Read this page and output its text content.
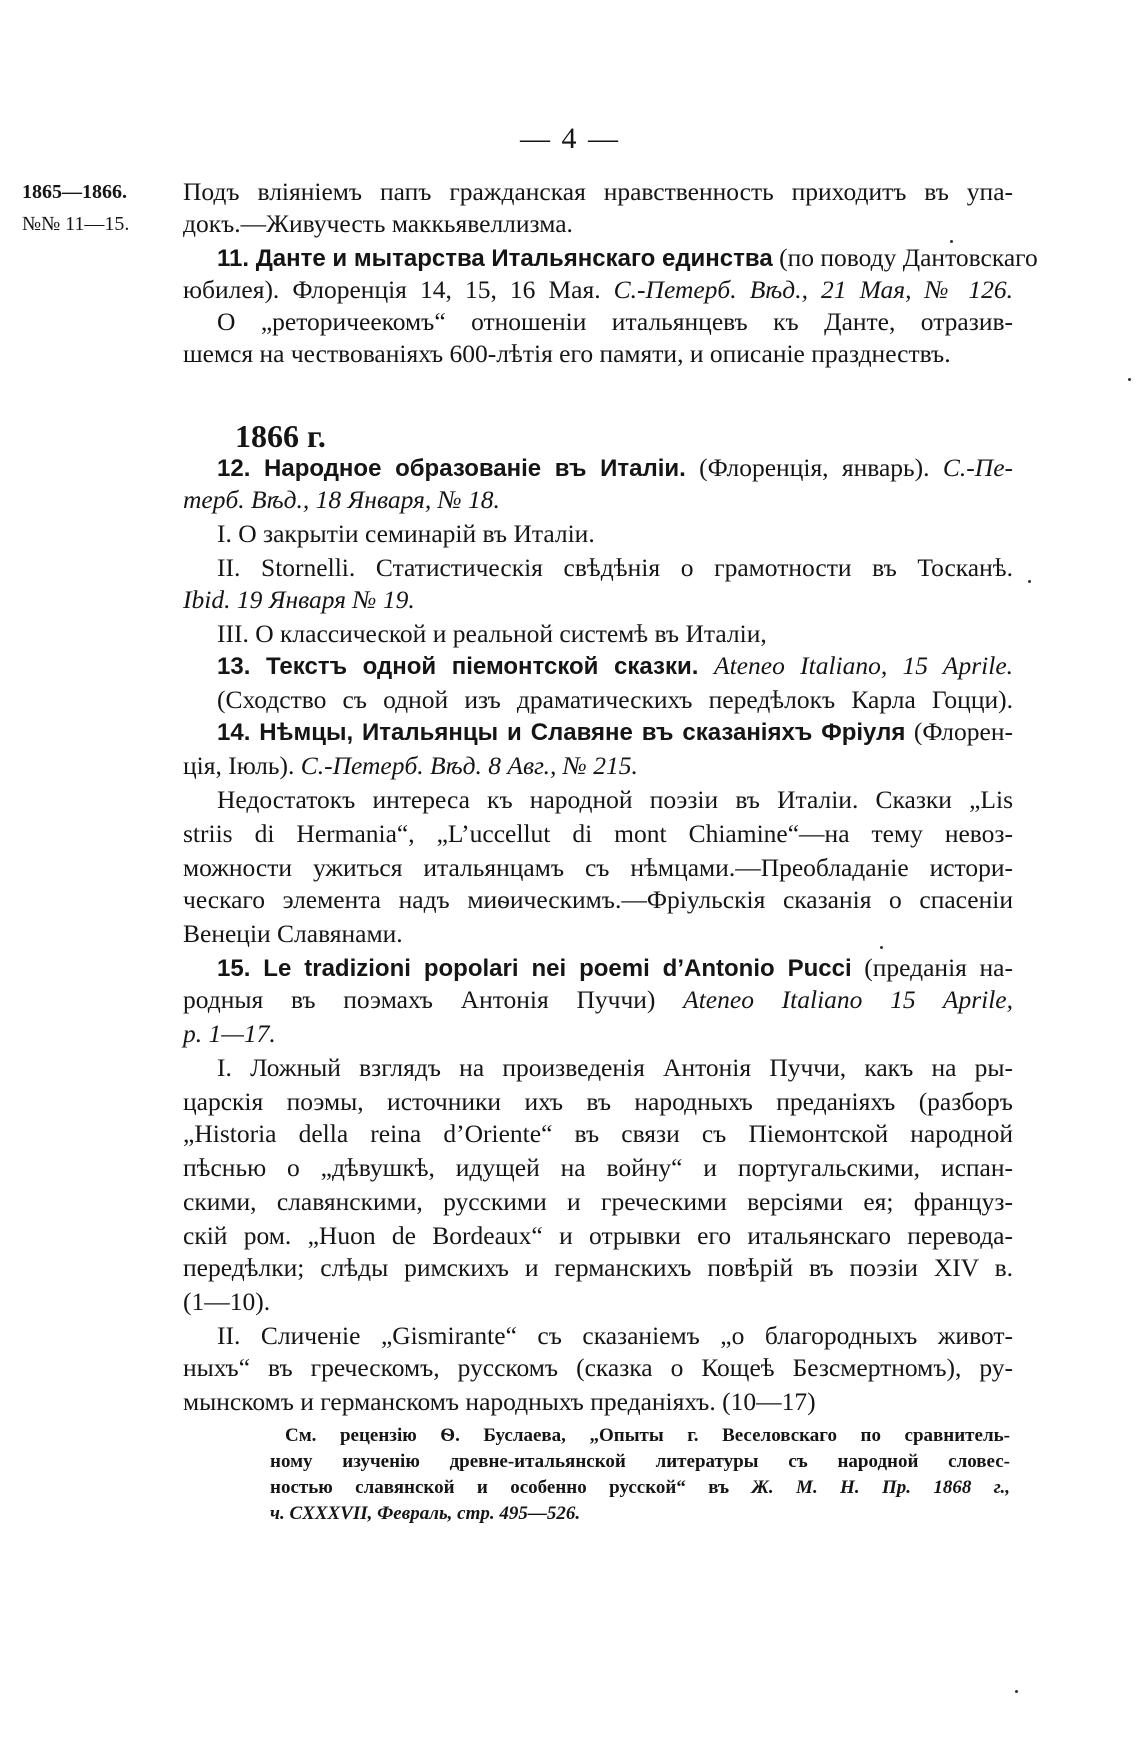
— 4 —
1865—1866.
№№ 11—15.
Подъ вліяніемъ папъ гражданская нравственность приходитъ въ упа-
докъ.—Живучесть маккьявеллизма.
11. Данте и мытарства Итальянскаго единства (по поводу Дантовскаго
юбилея). Флоренція 14, 15, 16 Мая. С.-Петерб. Вѣд., 21 Мая, № 126.
О „реторичеекомъ“ отношеніи итальянцевъ къ Данте, отразив-
шемся на чествованіяхъ 600-лѣтія его памяти, и описаніе празднествъ.
1866 г.
12. Народное образованіе въ Италіи. (Флоренція, январь). С.-Пе-
терб. Вѣд., 18 Января, № 18.
I. О закрытіи семинарій въ Италіи.
II. Stornelli. Статистическія свѣдѣнія о грамотности въ Тосканѣ.
Ibid. 19 Января № 19.
III. О классической и реальной системѣ въ Италіи,
13. Текстъ одной піемонтской сказки. Ateneo Italiano, 15 Aprile.
(Сходство съ одной изъ драматическихъ передѣлокъ Карла Гоцци).
14. Нѣмцы, Итальянцы и Славяне въ сказаніяхъ Фріуля (Флорен-
ція, Іюль). С.-Петерб. Вѣд. 8 Авг., № 215.
Недостатокъ интереса къ народной поэзіи въ Италіи. Сказки „Lis
striis di Hermania“, „L’uccellut di mont Chiamine“—на тему невоз-
можности ужиться итальянцамъ съ нѣмцами.—Преобладаніе истори-
ческаго элемента надъ миѳическимъ.—Фріульскія сказанія о спасеніи
Венеціи Славянами.
15. Le tradizioni popolari nei poemi d’Antonio Pucci (преданія на-
родныя въ поэмахъ Антонія Пуччи) Ateneo Italiano 15 Aprile,
p. 1—17.
I. Ложный взглядъ на произведенія Антонія Пуччи, какъ на ры-
царскія поэмы, источники ихъ въ народныхъ преданіяхъ (разборъ
„Historia della reina d’Oriente“ въ связи съ Піемонтской народной
пѣснью о „дѣвушкѣ, идущей на войну“ и португальскими, испан-
скими, славянскими, русскими и греческими версіями ея; француз-
скій ром. „Huon de Bordeaux“ и отрывки его итальянскаго перевода-
передѣлки; слѣды римскихъ и германскихъ повѣрій въ поэзіи XIV в.
(1—10).
II. Сличеніе „Gismirante“ съ сказаніемъ „о благородныхъ живот-
ныхъ“ въ греческомъ, русскомъ (сказка о Кощеѣ Безсмертномъ), ру-
мынскомъ и германскомъ народныхъ преданіяхъ. (10—17)
См. рецензію Ѳ. Буслаева, „Опыты г. Веселовскаго по сравнитель-
ному изученію древне-итальянской литературы съ народной словес-
ностью славянской и особенно русской“ въ Ж. М. Н. Пр. 1868 г.,
ч. CXXXVII, Февраль, стр. 495—526.
